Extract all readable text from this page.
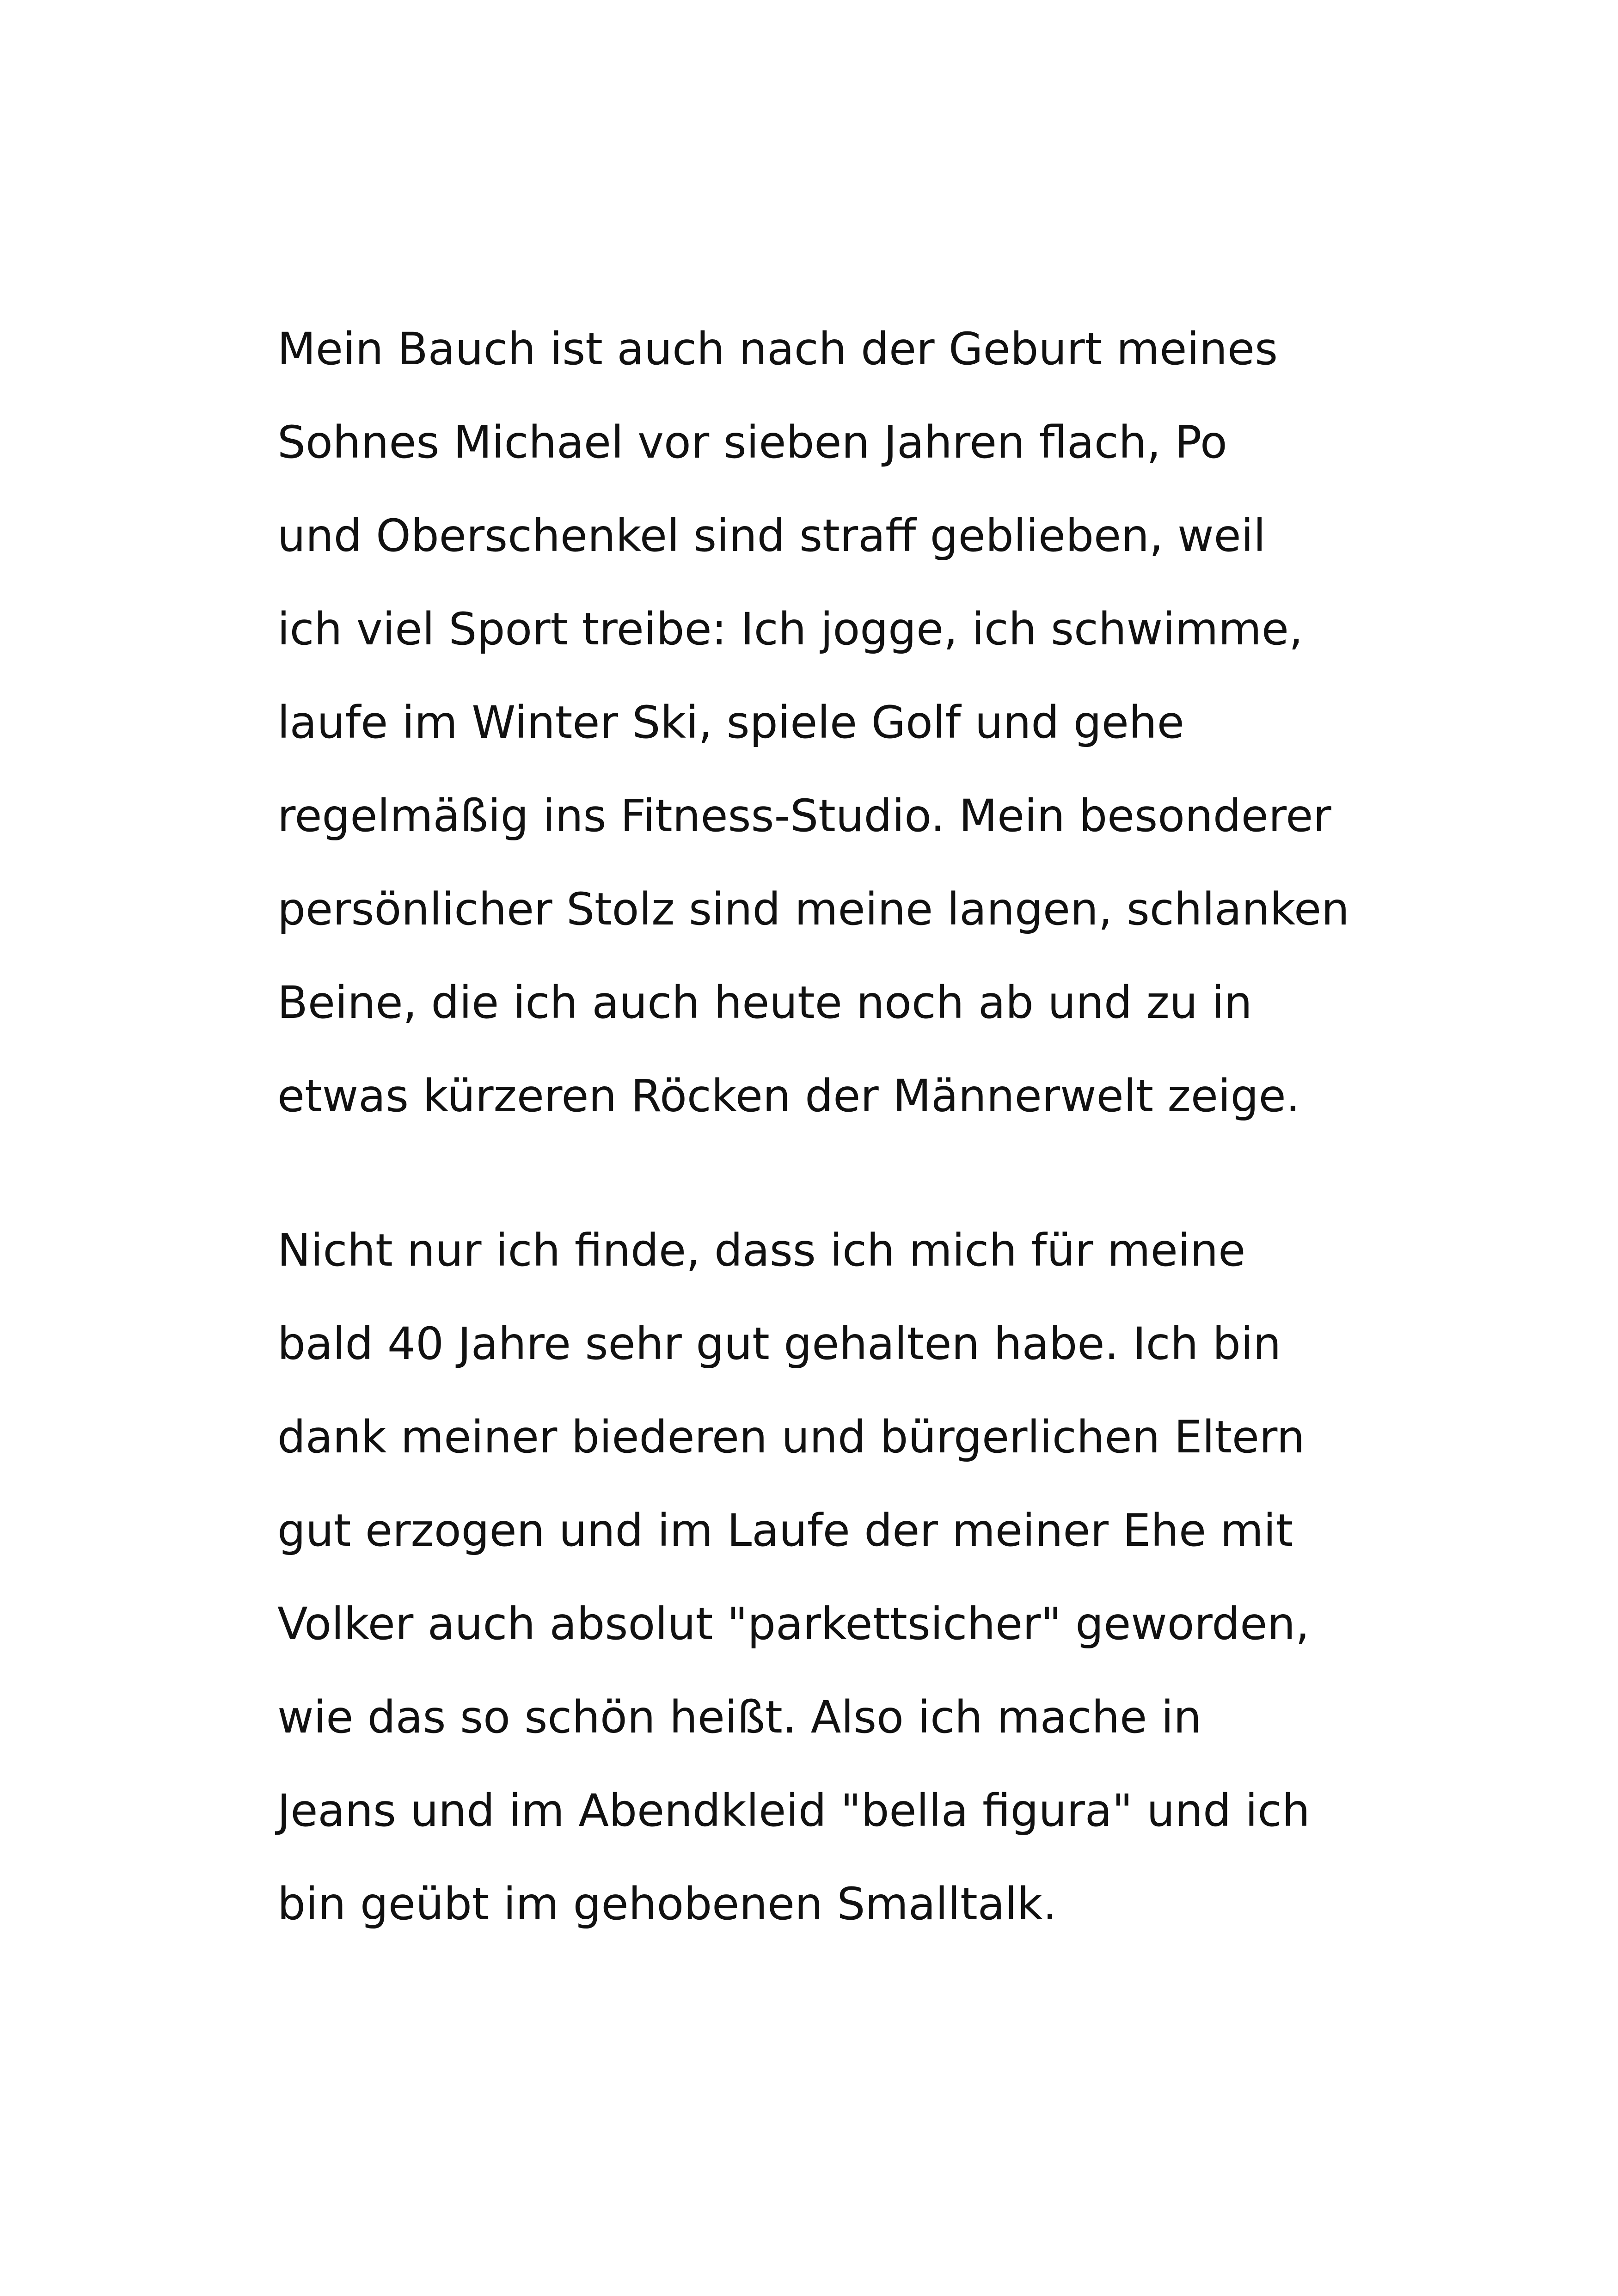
Mein Bauch ist auch nach der Geburt meines
Sohnes Michael vor sieben Jahren flach, Po
und Oberschenkel sind straff geblieben, weil
ich viel Sport treibe: Ich jogge, ich schwimme,
laufe im Winter Ski, spiele Golf und gehe
regelmäßig ins Fitness-Studio. Mein besonderer
persönlicher Stolz sind meine langen, schlanken
Beine, die ich auch heute noch ab und zu in
etwas kürzeren Röcken der Männerwelt zeige.
Nicht nur ich finde, dass ich mich für meine
bald 40 Jahre sehr gut gehalten habe. Ich bin
dank meiner biederen und bürgerlichen Eltern
gut erzogen und im Laufe der meiner Ehe mit
Volker auch absolut "parkettsicher" geworden,
wie das so schön heißt. Also ich mache in
Jeans und im Abendkleid "bella figura" und ich
bin geübt im gehobenen Smalltalk.
